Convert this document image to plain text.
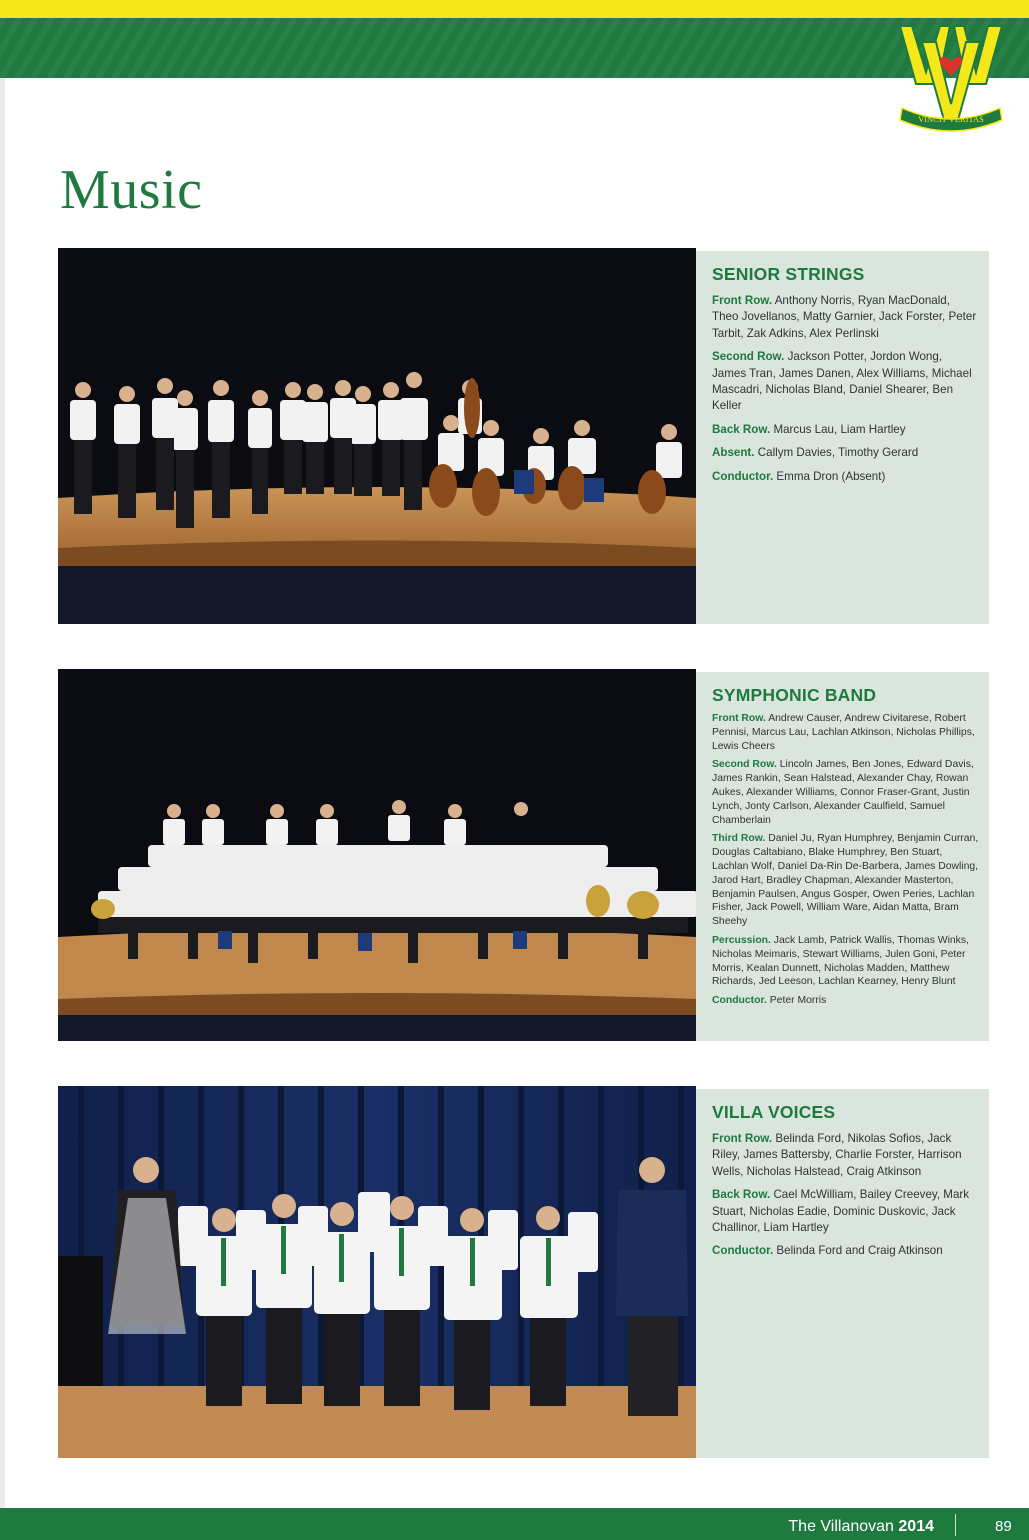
VINCIT VERITAS
Music
SENIOR STRINGS

Front Row. Anthony Norris, Ryan MacDonald, Theo Jovellanos, Matty Garnier, Jack Forster, Peter Tarbit, Zak Adkins, Alex Perlinski

Second Row. Jackson Potter, Jordon Wong, James Tran, James Danen, Alex Williams, Michael Mascadri, Nicholas Bland, Daniel Shearer, Ben Keller

Back Row. Marcus Lau, Liam Hartley

Absent. Callym Davies, Timothy Gerard

Conductor. Emma Dron (Absent)

SYMPHONIC BAND

Front Row. Andrew Causer, Andrew Civitarese, Robert Pennisi, Marcus Lau, Lachlan Atkinson, Nicholas Phillips, Lewis Cheers

Second Row. Lincoln James, Ben Jones, Edward Davis, James Rankin, Sean Halstead, Alexander Chay, Rowan Aukes, Alexander Williams, Connor Fraser-Grant, Justin Lynch, Jonty Carlson, Alexander Caulfield, Samuel Chamberlain

Third Row. Daniel Ju, Ryan Humphrey, Benjamin Curran, Douglas Caltabiano, Blake Humphrey, Ben Stuart, Lachlan Wolf, Daniel Da-Rin De-Barbera, James Dowling, Jarod Hart, Bradley Chapman, Alexander Masterton, Benjamin Paulsen, Angus Gosper, Owen Peries, Lachlan Fisher, Jack Powell, William Ware, Aidan Matta, Bram Sheehy

Percussion. Jack Lamb, Patrick Wallis, Thomas Winks, Nicholas Meimaris, Stewart Williams, Julen Goni, Peter Morris, Kealan Dunnett, Nicholas Madden, Matthew Richards, Jed Leeson, Lachlan Kearney, Henry Blunt

Conductor. Peter Morris

VILLA VOICES

Front Row. Belinda Ford, Nikolas Sofios, Jack Riley, James Battersby, Charlie Forster, Harrison Wells, Nicholas Halstead, Craig Atkinson

Back Row. Cael McWilliam, Bailey Creevey, Mark Stuart, Nicholas Eadie, Dominic Duskovic, Jack Challinor, Liam Hartley

Conductor. Belinda Ford and Craig Atkinson

The Villanovan 2014	89
